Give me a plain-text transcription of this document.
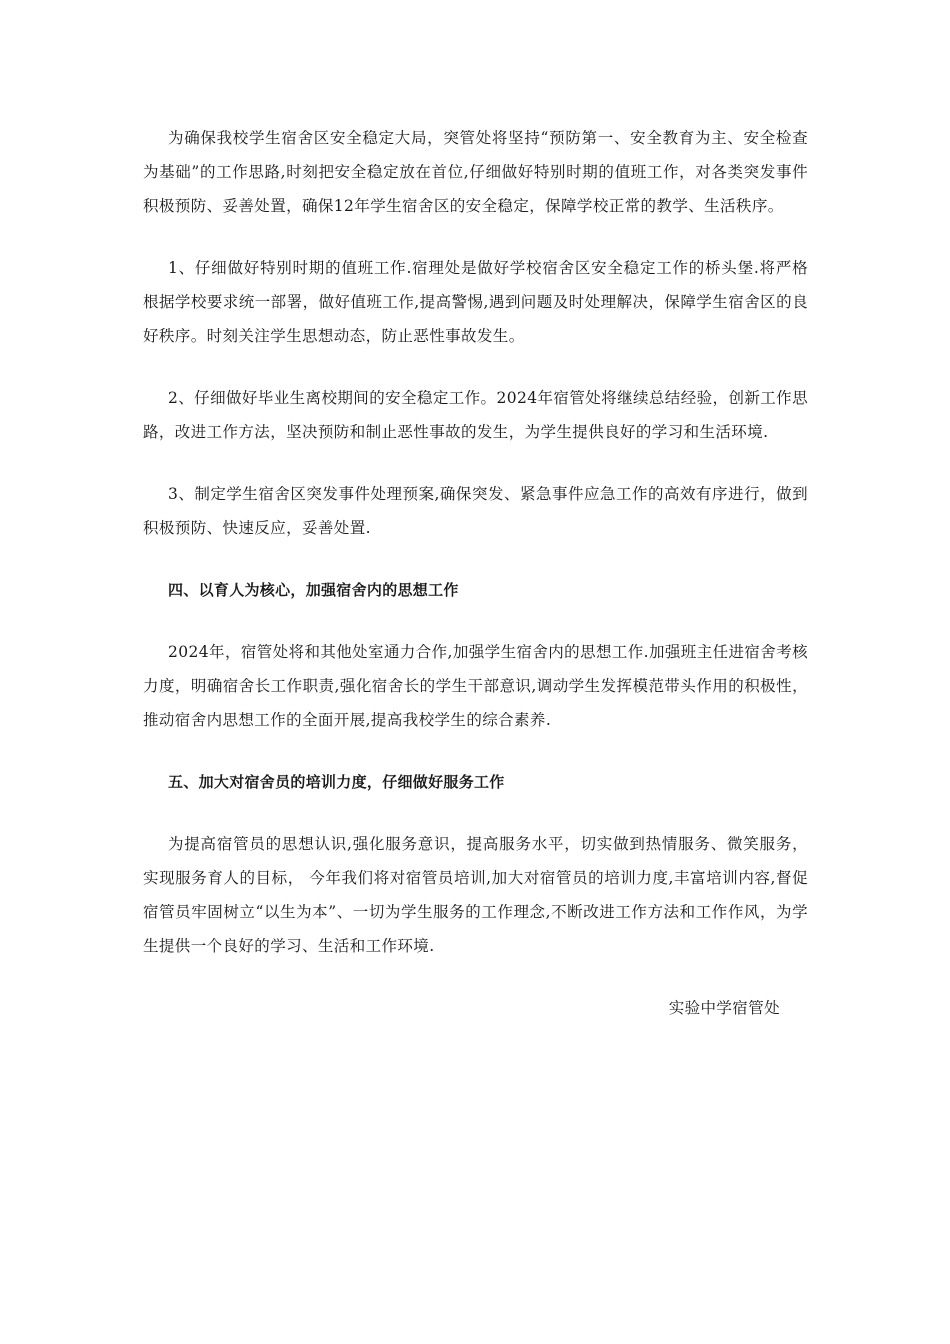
为确保我校学生宿舍区安全稳定大局，突管处将坚持“预防第一、安全教育为主、安全检查为基础”的工作思路,时刻把安全稳定放在首位,仔细做好特别时期的值班工作，对各类突发事件积极预防、妥善处置，确保12年学生宿舍区的安全稳定，保障学校正常的教学、生活秩序。

1、仔细做好特别时期的值班工作.宿理处是做好学校宿舍区安全稳定工作的桥头堡.将严格根据学校要求统一部署，做好值班工作,提高警惕,遇到问题及时处理解决，保障学生宿舍区的良好秩序。时刻关注学生思想动态，防止恶性事故发生。

2、仔细做好毕业生离校期间的安全稳定工作。2024年宿管处将继续总结经验，创新工作思路，改进工作方法，坚决预防和制止恶性事故的发生，为学生提供良好的学习和生活环境.

3、制定学生宿舍区突发事件处理预案,确保突发、紧急事件应急工作的高效有序进行，做到积极预防、快速反应，妥善处置.

四、以育人为核心，加强宿舍内的思想工作

2024年，宿管处将和其他处室通力合作,加强学生宿舍内的思想工作.加强班主任进宿舍考核力度，明确宿舍长工作职责,强化宿舍长的学生干部意识,调动学生发挥模范带头作用的积极性，推动宿舍内思想工作的全面开展,提高我校学生的综合素养.

五、加大对宿舍员的培训力度，仔细做好服务工作

为提高宿管员的思想认识,强化服务意识，提高服务水平，切实做到热情服务、微笑服务，实现服务育人的目标， 今年我们将对宿管员培训,加大对宿管员的培训力度,丰富培训内容,督促宿管员牢固树立“以生为本”、一切为学生服务的工作理念,不断改进工作方法和工作作风，为学生提供一个良好的学习、生活和工作环境.

实验中学宿管处
